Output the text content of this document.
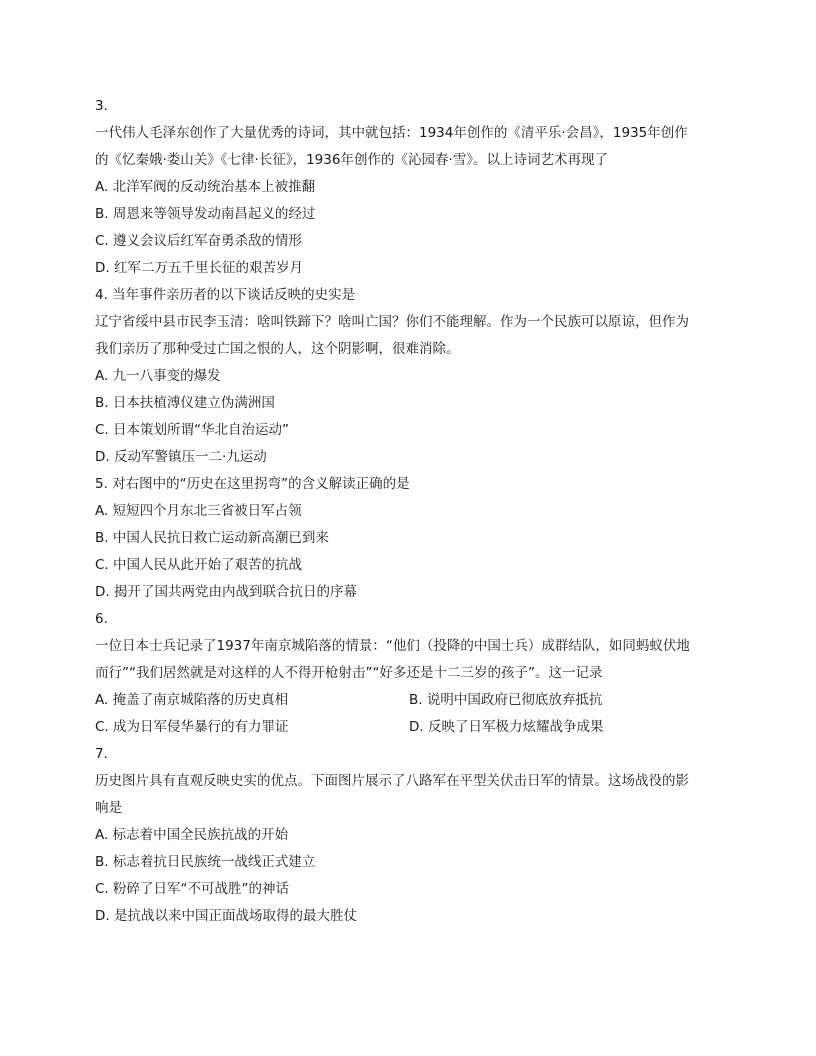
3.
一代伟人毛泽东创作了大量优秀的诗词，其中就包括：1934年创作的《清平乐·会昌》，1935年创作
的《忆秦娥·娄山关》《七律·长征》，1936年创作的《沁园春·雪》。以上诗词艺术再现了
A. 北洋军阀的反动统治基本上被推翻
B. 周恩来等领导发动南昌起义的经过
C. 遵义会议后红军奋勇杀敌的情形
D. 红军二万五千里长征的艰苦岁月
4. 当年事件亲历者的以下谈话反映的史实是
辽宁省绥中县市民李玉清：啥叫铁蹄下？啥叫亡国？你们不能理解。作为一个民族可以原谅，但作为
我们亲历了那种受过亡国之恨的人，这个阴影啊，很难消除。
A. 九一八事变的爆发
B. 日本扶植溥仪建立伪满洲国
C. 日本策划所谓“华北自治运动”
D. 反动军警镇压一二·九运动
5. 对右图中的“历史在这里拐弯”的含义解读正确的是
A. 短短四个月东北三省被日军占领
B. 中国人民抗日救亡运动新高潮已到来
C. 中国人民从此开始了艰苦的抗战
D. 揭开了国共两党由内战到联合抗日的序幕
6.
一位日本士兵记录了1937年南京城陷落的情景：“他们（投降的中国士兵）成群结队，如同蚂蚁伏地
而行”“我们居然就是对这样的人不得开枪射击”“好多还是十二三岁的孩子”。这一记录
A. 掩盖了南京城陷落的历史真相	B. 说明中国政府已彻底放弃抵抗
C. 成为日军侵华暴行的有力罪证	D. 反映了日军极力炫耀战争成果
7.
历史图片具有直观反映史实的优点。下面图片展示了八路军在平型关伏击日军的情景。这场战役的影
响是
A. 标志着中国全民族抗战的开始
B. 标志着抗日民族统一战线正式建立
C. 粉碎了日军“不可战胜”的神话
D. 是抗战以来中国正面战场取得的最大胜仗
